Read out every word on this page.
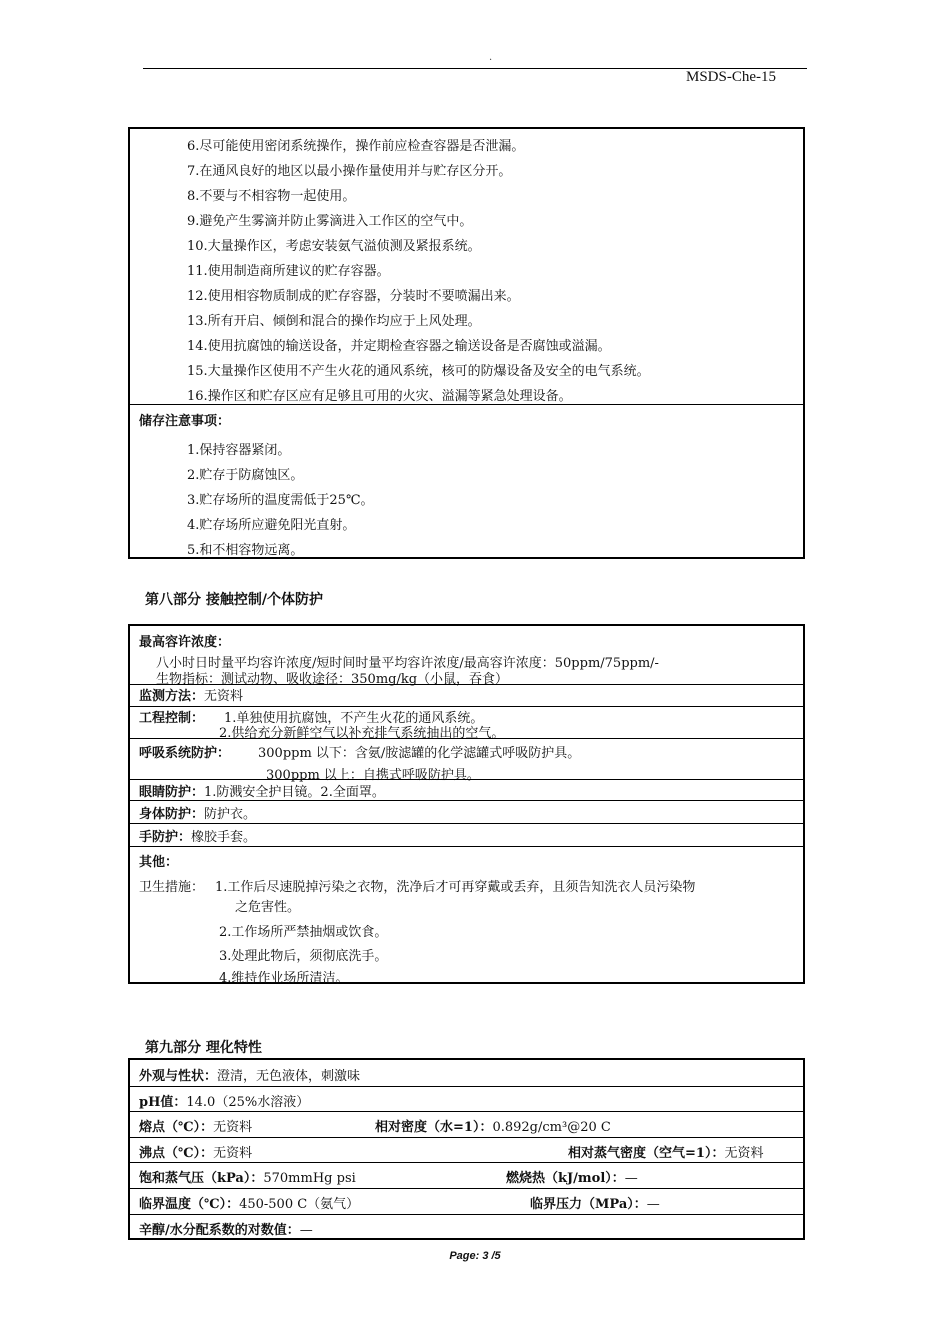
.
MSDS-Che-15
6.尽可能使用密闭系统操作，操作前应检查容器是否泄漏。
7.在通风良好的地区以最小操作量使用并与贮存区分开。
8.不要与不相容物一起使用。
9.避免产生雾滴并防止雾滴进入工作区的空气中。
10.大量操作区，考虑安装氨气溢侦测及紧报系统。
11.使用制造商所建议的贮存容器。
12.使用相容物质制成的贮存容器，分装时不要喷漏出来。
13.所有开启、倾倒和混合的操作均应于上风处理。
14.使用抗腐蚀的输送设备，并定期检查容器之输送设备是否腐蚀或溢漏。
15.大量操作区使用不产生火花的通风系统，核可的防爆设备及安全的电气系统。
16.操作区和贮存区应有足够且可用的火灾、溢漏等紧急处理设备。
储存注意事项：
1.保持容器紧闭。
2.贮存于防腐蚀区。
3.贮存场所的温度需低于25℃。
4.贮存场所应避免阳光直射。
5.和不相容物远离。
第八部分 接触控制/个体防护
最高容许浓度：
八小时日时量平均容许浓度/短时间时量平均容许浓度/最高容许浓度：50ppm/75ppm/-
生物指标：测试动物、吸收途径：350mg/kg（小鼠，吞食）
监测方法：无资料
工程控制： 1.单独使用抗腐蚀，不产生火花的通风系统。
2.供给充分新鲜空气以补充排气系统抽出的空气。
呼吸系统防护： 300ppm 以下：含氨/胺滤罐的化学滤罐式呼吸防护具。
300ppm 以上：自携式呼吸防护具。
眼睛防护：1.防溅安全护目镜。2.全面罩。
身体防护：防护衣。
手防护：橡胶手套。
其他：
卫生措施： 1.工作后尽速脱掉污染之衣物，洗净后才可再穿戴或丢弃，且须告知洗衣人员污染物
之危害性。
2.工作场所严禁抽烟或饮食。
3.处理此物后，须彻底洗手。
4.维持作业场所清洁。
第九部分 理化特性
外观与性状：澄清，无色液体，刺激味
pH值：14.0（25%水溶液）
熔点（℃）：无资料	相对密度（水=1）：0.892g/cm³@20 C
沸点（℃）：无资料	相对蒸气密度（空气=1）：无资料
饱和蒸气压（kPa）：570mmHg psi	燃烧热（kJ/mol）：—
临界温度（℃）：450-500 C（氨气）	临界压力（MPa）：—
辛醇/水分配系数的对数值：—
Page: 3 /5
